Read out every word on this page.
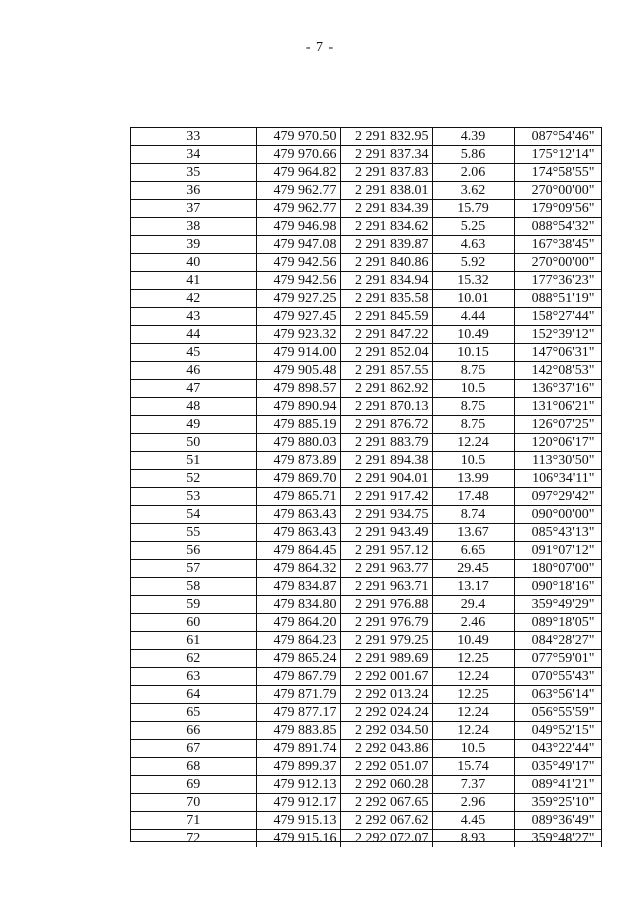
- 7 -
33	479 970.50	2 291 832.95	4.39	087°54'46"
34	479 970.66	2 291 837.34	5.86	175°12'14"
35	479 964.82	2 291 837.83	2.06	174°58'55"
36	479 962.77	2 291 838.01	3.62	270°00'00"
37	479 962.77	2 291 834.39	15.79	179°09'56"
38	479 946.98	2 291 834.62	5.25	088°54'32"
39	479 947.08	2 291 839.87	4.63	167°38'45"
40	479 942.56	2 291 840.86	5.92	270°00'00"
41	479 942.56	2 291 834.94	15.32	177°36'23"
42	479 927.25	2 291 835.58	10.01	088°51'19"
43	479 927.45	2 291 845.59	4.44	158°27'44"
44	479 923.32	2 291 847.22	10.49	152°39'12"
45	479 914.00	2 291 852.04	10.15	147°06'31"
46	479 905.48	2 291 857.55	8.75	142°08'53"
47	479 898.57	2 291 862.92	10.5	136°37'16"
48	479 890.94	2 291 870.13	8.75	131°06'21"
49	479 885.19	2 291 876.72	8.75	126°07'25"
50	479 880.03	2 291 883.79	12.24	120°06'17"
51	479 873.89	2 291 894.38	10.5	113°30'50"
52	479 869.70	2 291 904.01	13.99	106°34'11"
53	479 865.71	2 291 917.42	17.48	097°29'42"
54	479 863.43	2 291 934.75	8.74	090°00'00"
55	479 863.43	2 291 943.49	13.67	085°43'13"
56	479 864.45	2 291 957.12	6.65	091°07'12"
57	479 864.32	2 291 963.77	29.45	180°07'00"
58	479 834.87	2 291 963.71	13.17	090°18'16"
59	479 834.80	2 291 976.88	29.4	359°49'29"
60	479 864.20	2 291 976.79	2.46	089°18'05"
61	479 864.23	2 291 979.25	10.49	084°28'27"
62	479 865.24	2 291 989.69	12.25	077°59'01"
63	479 867.79	2 292 001.67	12.24	070°55'43"
64	479 871.79	2 292 013.24	12.25	063°56'14"
65	479 877.17	2 292 024.24	12.24	056°55'59"
66	479 883.85	2 292 034.50	12.24	049°52'15"
67	479 891.74	2 292 043.86	10.5	043°22'44"
68	479 899.37	2 292 051.07	15.74	035°49'17"
69	479 912.13	2 292 060.28	7.37	089°41'21"
70	479 912.17	2 292 067.65	2.96	359°25'10"
71	479 915.13	2 292 067.62	4.45	089°36'49"
72	479 915.16	2 292 072.07	8.93	359°48'27"
